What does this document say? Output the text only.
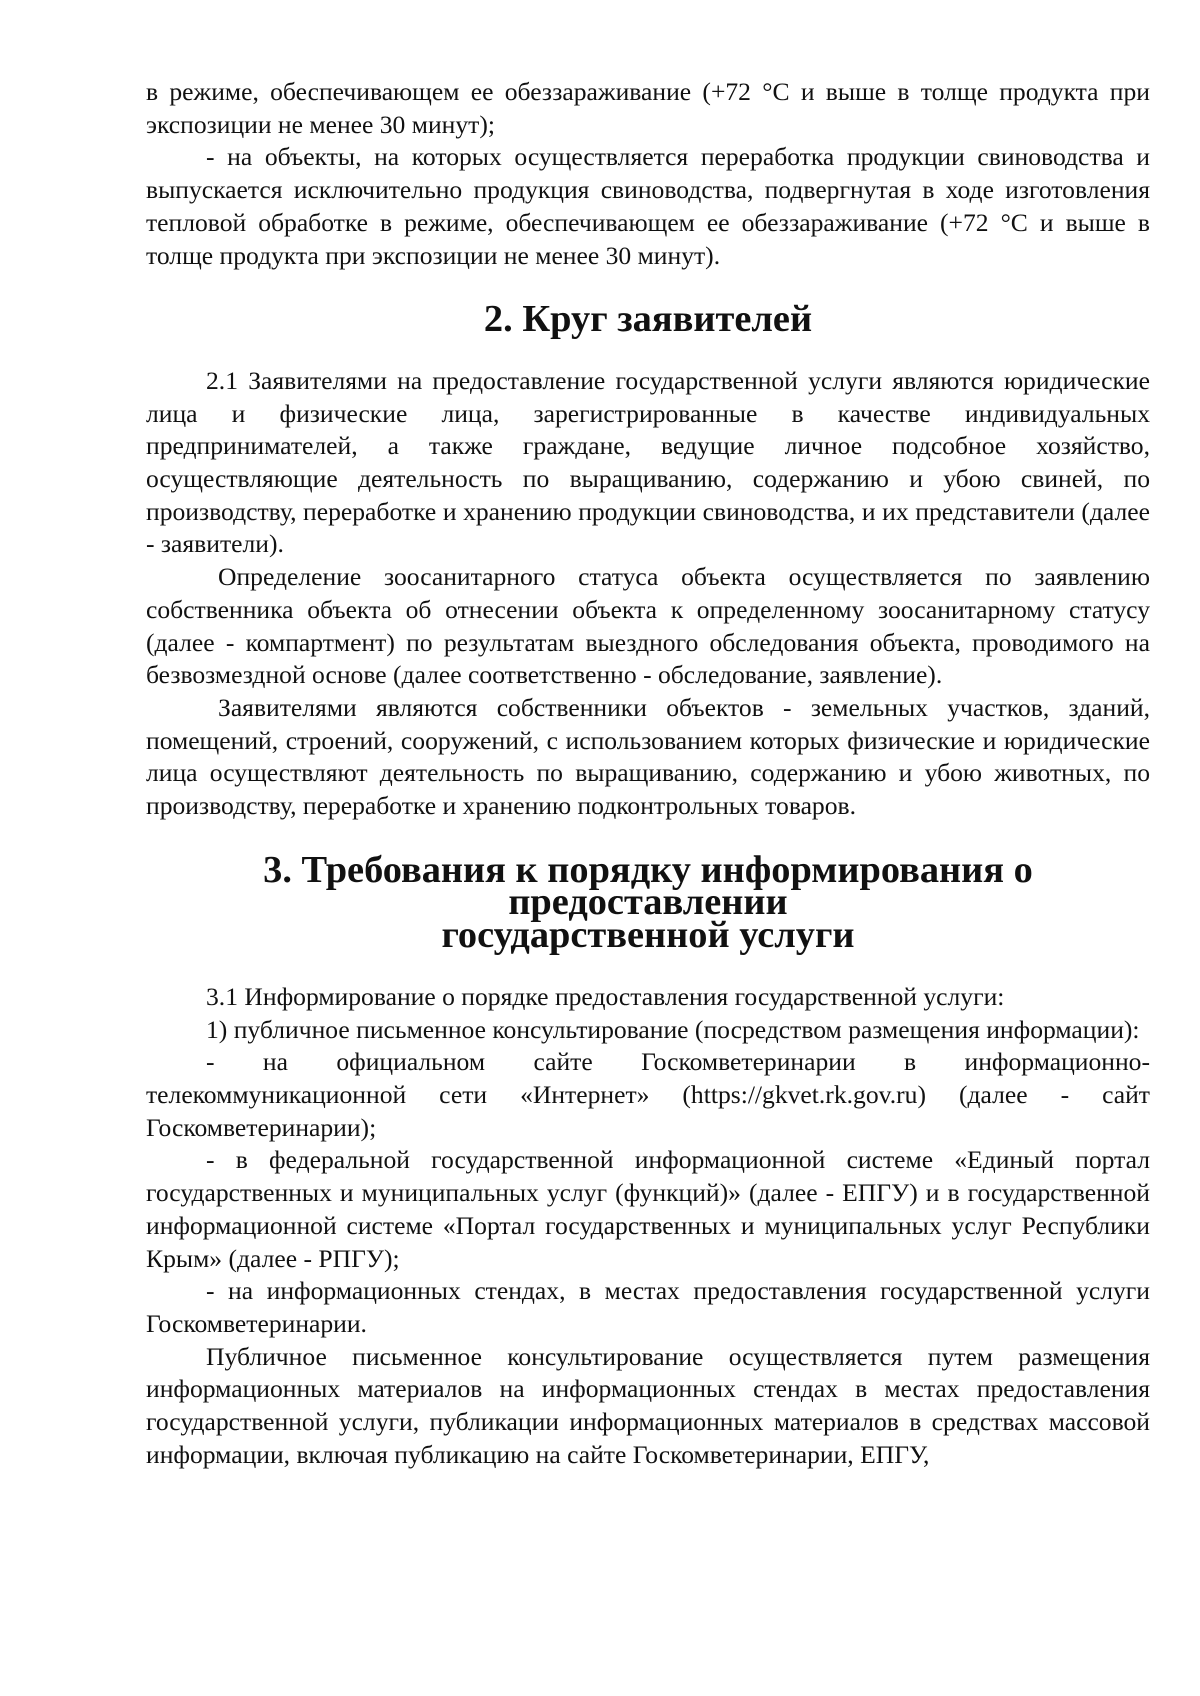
в режиме, обеспечивающем ее обеззараживание (+72 °С и выше в толще продукта при экспозиции не менее 30 минут);

- на объекты, на которых осуществляется переработка продукции свиноводства и выпускается исключительно продукция свиноводства, подвергнутая в ходе изготовления тепловой обработке в режиме, обеспечивающем ее обеззараживание (+72 °С и выше в толще продукта при экспозиции не менее 30 минут).

2. Круг заявителей

2.1 Заявителями на предоставление государственной услуги являются юридические лица и физические лица, зарегистрированные в качестве индивидуальных предпринимателей, а также граждане, ведущие личное подсобное хозяйство, осуществляющие деятельность по выращиванию, содержанию и убою свиней, по производству, переработке и хранению продукции свиноводства, и их представители (далее - заявители).

Определение зоосанитарного статуса объекта осуществляется по заявлению собственника объекта об отнесении объекта к определенному зоосанитарному статусу (далее - компартмент) по результатам выездного обследования объекта, проводимого на безвозмездной основе (далее соответственно - обследование, заявление).

Заявителями являются собственники объектов - земельных участков, зданий, помещений, строений, сооружений, с использованием которых физические и юридические лица осуществляют деятельность по выращиванию, содержанию и убою животных, по производству, переработке и хранению подконтрольных товаров.

3. Требования к порядку информирования о предоставлении
государственной услуги

3.1 Информирование о порядке предоставления государственной услуги:

1) публичное письменное консультирование (посредством размещения информации):

- на официальном сайте Госкомветеринарии в информационно-телекоммуникационной сети «Интернет» (https://gkvet.rk.gov.ru) (далее - сайт Госкомветеринарии);

- в федеральной государственной информационной системе «Единый портал государственных и муниципальных услуг (функций)» (далее - ЕПГУ) и в государственной информационной системе «Портал государственных и муниципальных услуг Республики Крым» (далее - РПГУ);

- на информационных стендах, в местах предоставления государственной услуги Госкомветеринарии.

Публичное письменное консультирование осуществляется путем размещения информационных материалов на информационных стендах в местах предоставления государственной услуги, публикации информационных материалов в средствах массовой информации, включая публикацию на сайте Госкомветеринарии, ЕПГУ,
